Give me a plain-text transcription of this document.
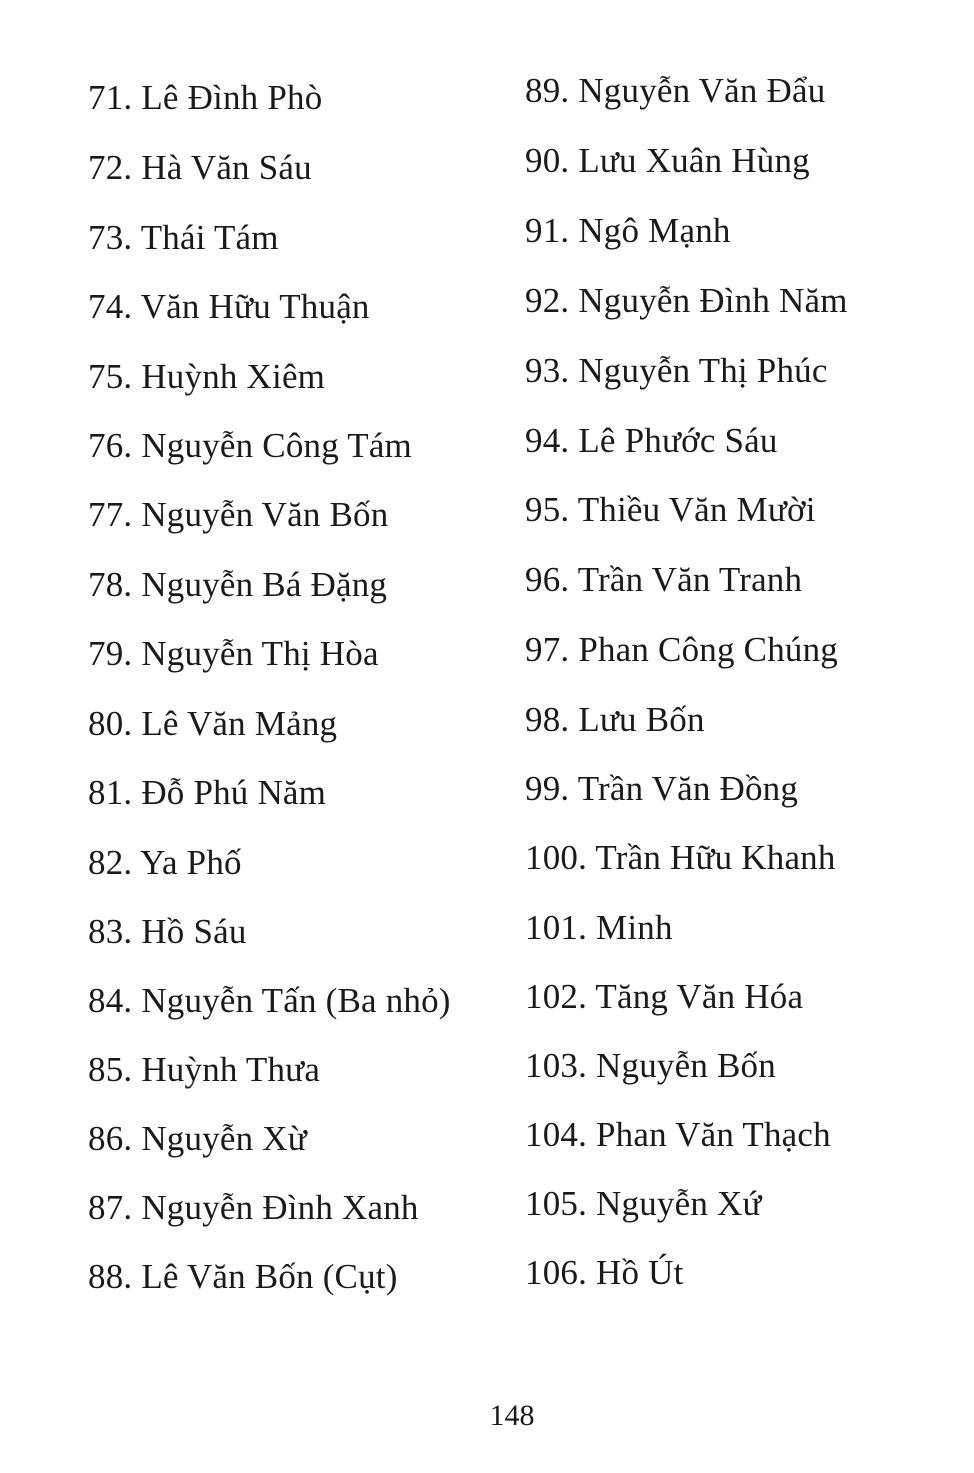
71. Lê Đình Phò
72. Hà Văn Sáu
73. Thái Tám
74. Văn Hữu Thuận
75. Huỳnh Xiêm
76. Nguyễn Công Tám
77. Nguyễn Văn Bốn
78. Nguyễn Bá Đặng
79. Nguyễn Thị Hòa
80. Lê Văn Mảng
81. Đỗ Phú Năm
82. Ya Phố
83. Hồ Sáu
84. Nguyễn Tấn (Ba nhỏ)
85. Huỳnh Thưa
86. Nguyễn Xừ
87. Nguyễn Đình Xanh
88. Lê Văn Bốn (Cụt)
89. Nguyễn Văn Đẩu
90. Lưu Xuân Hùng
91. Ngô Mạnh
92. Nguyễn Đình Năm
93. Nguyễn Thị Phúc
94. Lê Phước Sáu
95. Thiều Văn Mười
96. Trần Văn Tranh
97. Phan Công Chúng
98. Lưu Bốn
99. Trần Văn Đồng
100. Trần Hữu Khanh
101. Minh
102. Tăng Văn Hóa
103. Nguyễn Bốn
104. Phan Văn Thạch
105. Nguyễn Xứ
106. Hồ Út
148
